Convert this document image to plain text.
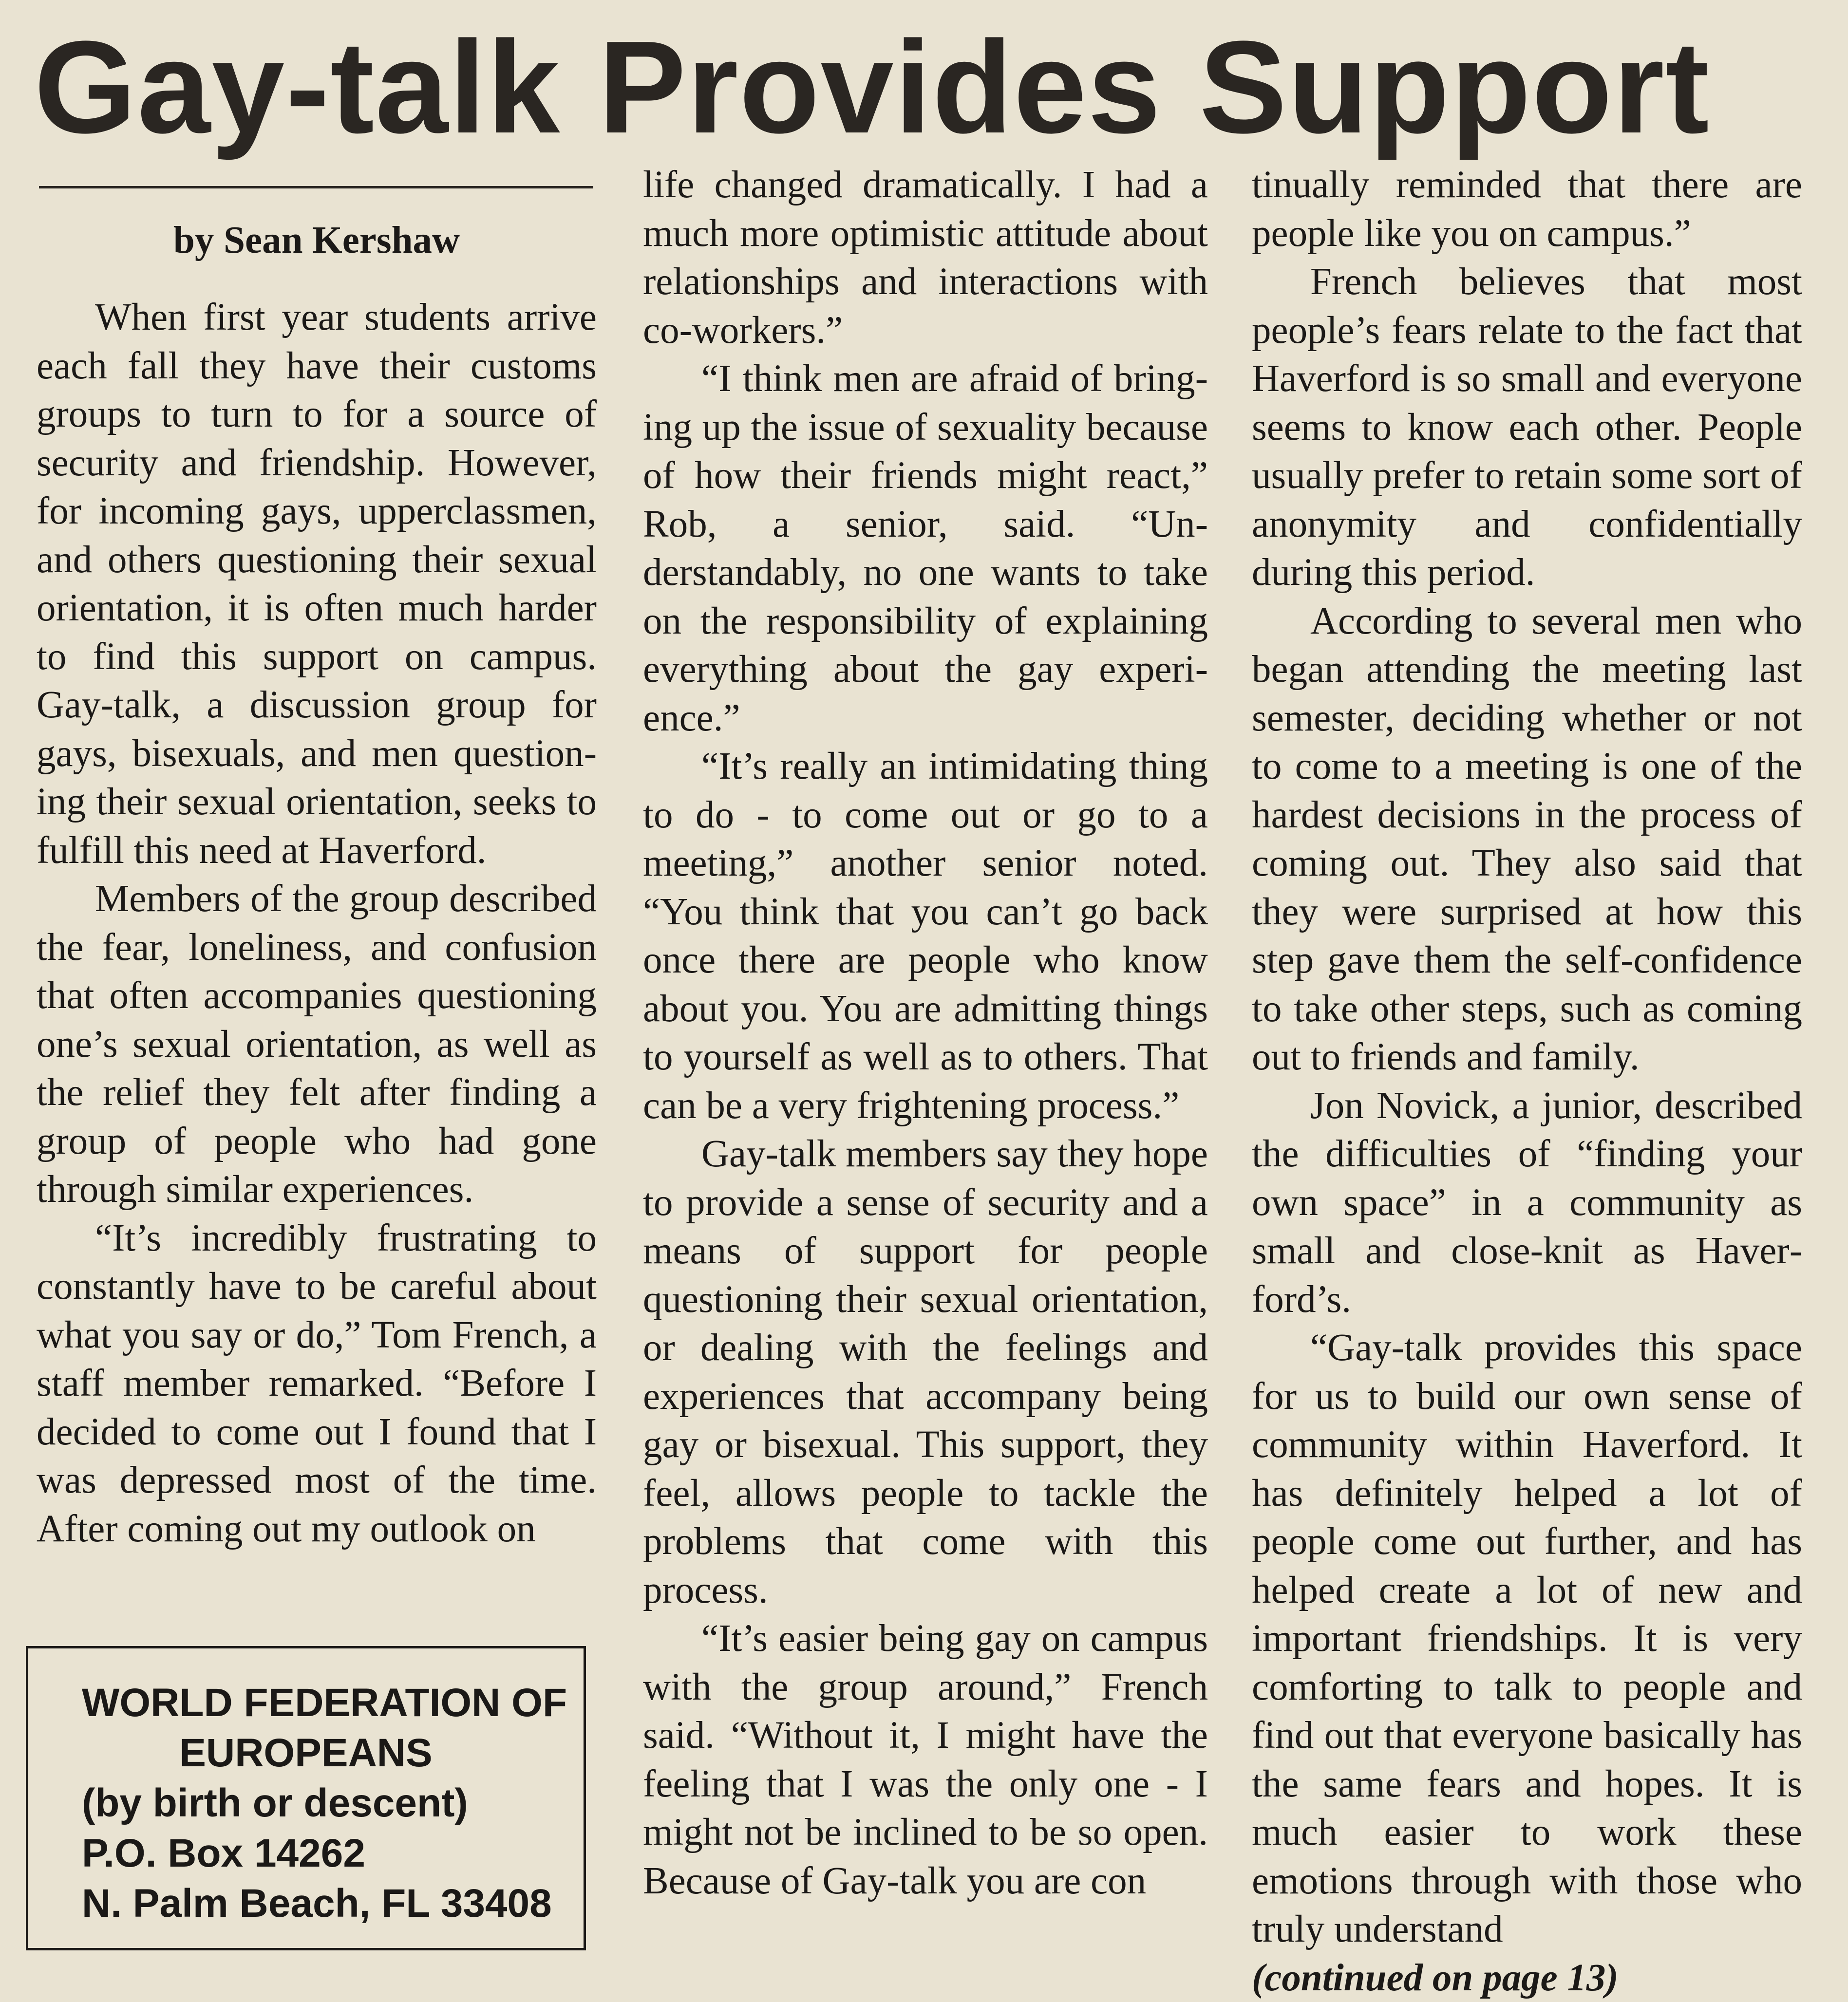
Gay-talk Provides Support

by Sean Kershaw

When first year students arrive each fall they have their customs groups to turn to for a source of security and friendship. However, for incoming gays, upperclassmen, and others questioning their sexual orientation, it is often much harder to find this support on campus. Gay-talk, a discussion group for gays, bisexuals, and men questioning their sexual orientation, seeks to fulfill this need at Haverford.

Members of the group described the fear, loneliness, and confusion that often accompanies questioning one’s sexual orientation, as well as the relief they felt after finding a group of people who had gone through similar experiences.

“It’s incredibly frustrating to constantly have to be careful about what you say or do,” Tom French, a staff member remarked. “Before I decided to come out I found that I was depressed most of the time. After coming out my outlook on

WORLD FEDERATION OF
EUROPEANS
(by birth or descent)
P.O. Box 14262
N. Palm Beach, FL 33408

life changed dramatically. I had a much more optimistic attitude about relationships and interactions with co-workers.”

“I think men are afraid of bringing up the issue of sexuality because of how their friends might react,” Rob, a senior, said. “Understandably, no one wants to take on the responsibility of explaining everything about the gay experience.”

“It’s really an intimidating thing to do - to come out or go to a meeting,” another senior noted. “You think that you can’t go back once there are people who know about you. You are admitting things to yourself as well as to others. That can be a very frightening process.”

Gay-talk members say they hope to provide a sense of security and a means of support for people questioning their sexual orientation, or dealing with the feelings and experiences that accompany being gay or bisexual. This support, they feel, allows people to tackle the problems that come with this process.

“It’s easier being gay on campus with the group around,” French said. “Without it, I might have the feeling that I was the only one - I might not be inclined to be so open. Because of Gay-talk you are con

tinually reminded that there are people like you on campus.”

French believes that most people’s fears relate to the fact that Haverford is so small and everyone seems to know each other. People usually prefer to retain some sort of anonymity and confidentially during this period.

According to several men who began attending the meeting last semester, deciding whether or not to come to a meeting is one of the hardest decisions in the process of coming out. They also said that they were surprised at how this step gave them the self-confidence to take other steps, such as coming out to friends and family.

Jon Novick, a junior, described the difficulties of “finding your own space” in a community as small and close-knit as Haverford’s.

“Gay-talk provides this space for us to build our own sense of community within Haverford. It has definitely helped a lot of people come out further, and has helped create a lot of new and important friendships. It is very comforting to talk to people and find out that everyone basically has the same fears and hopes. It is much easier to work these emotions through with those who truly understand

(continued on page 13)
